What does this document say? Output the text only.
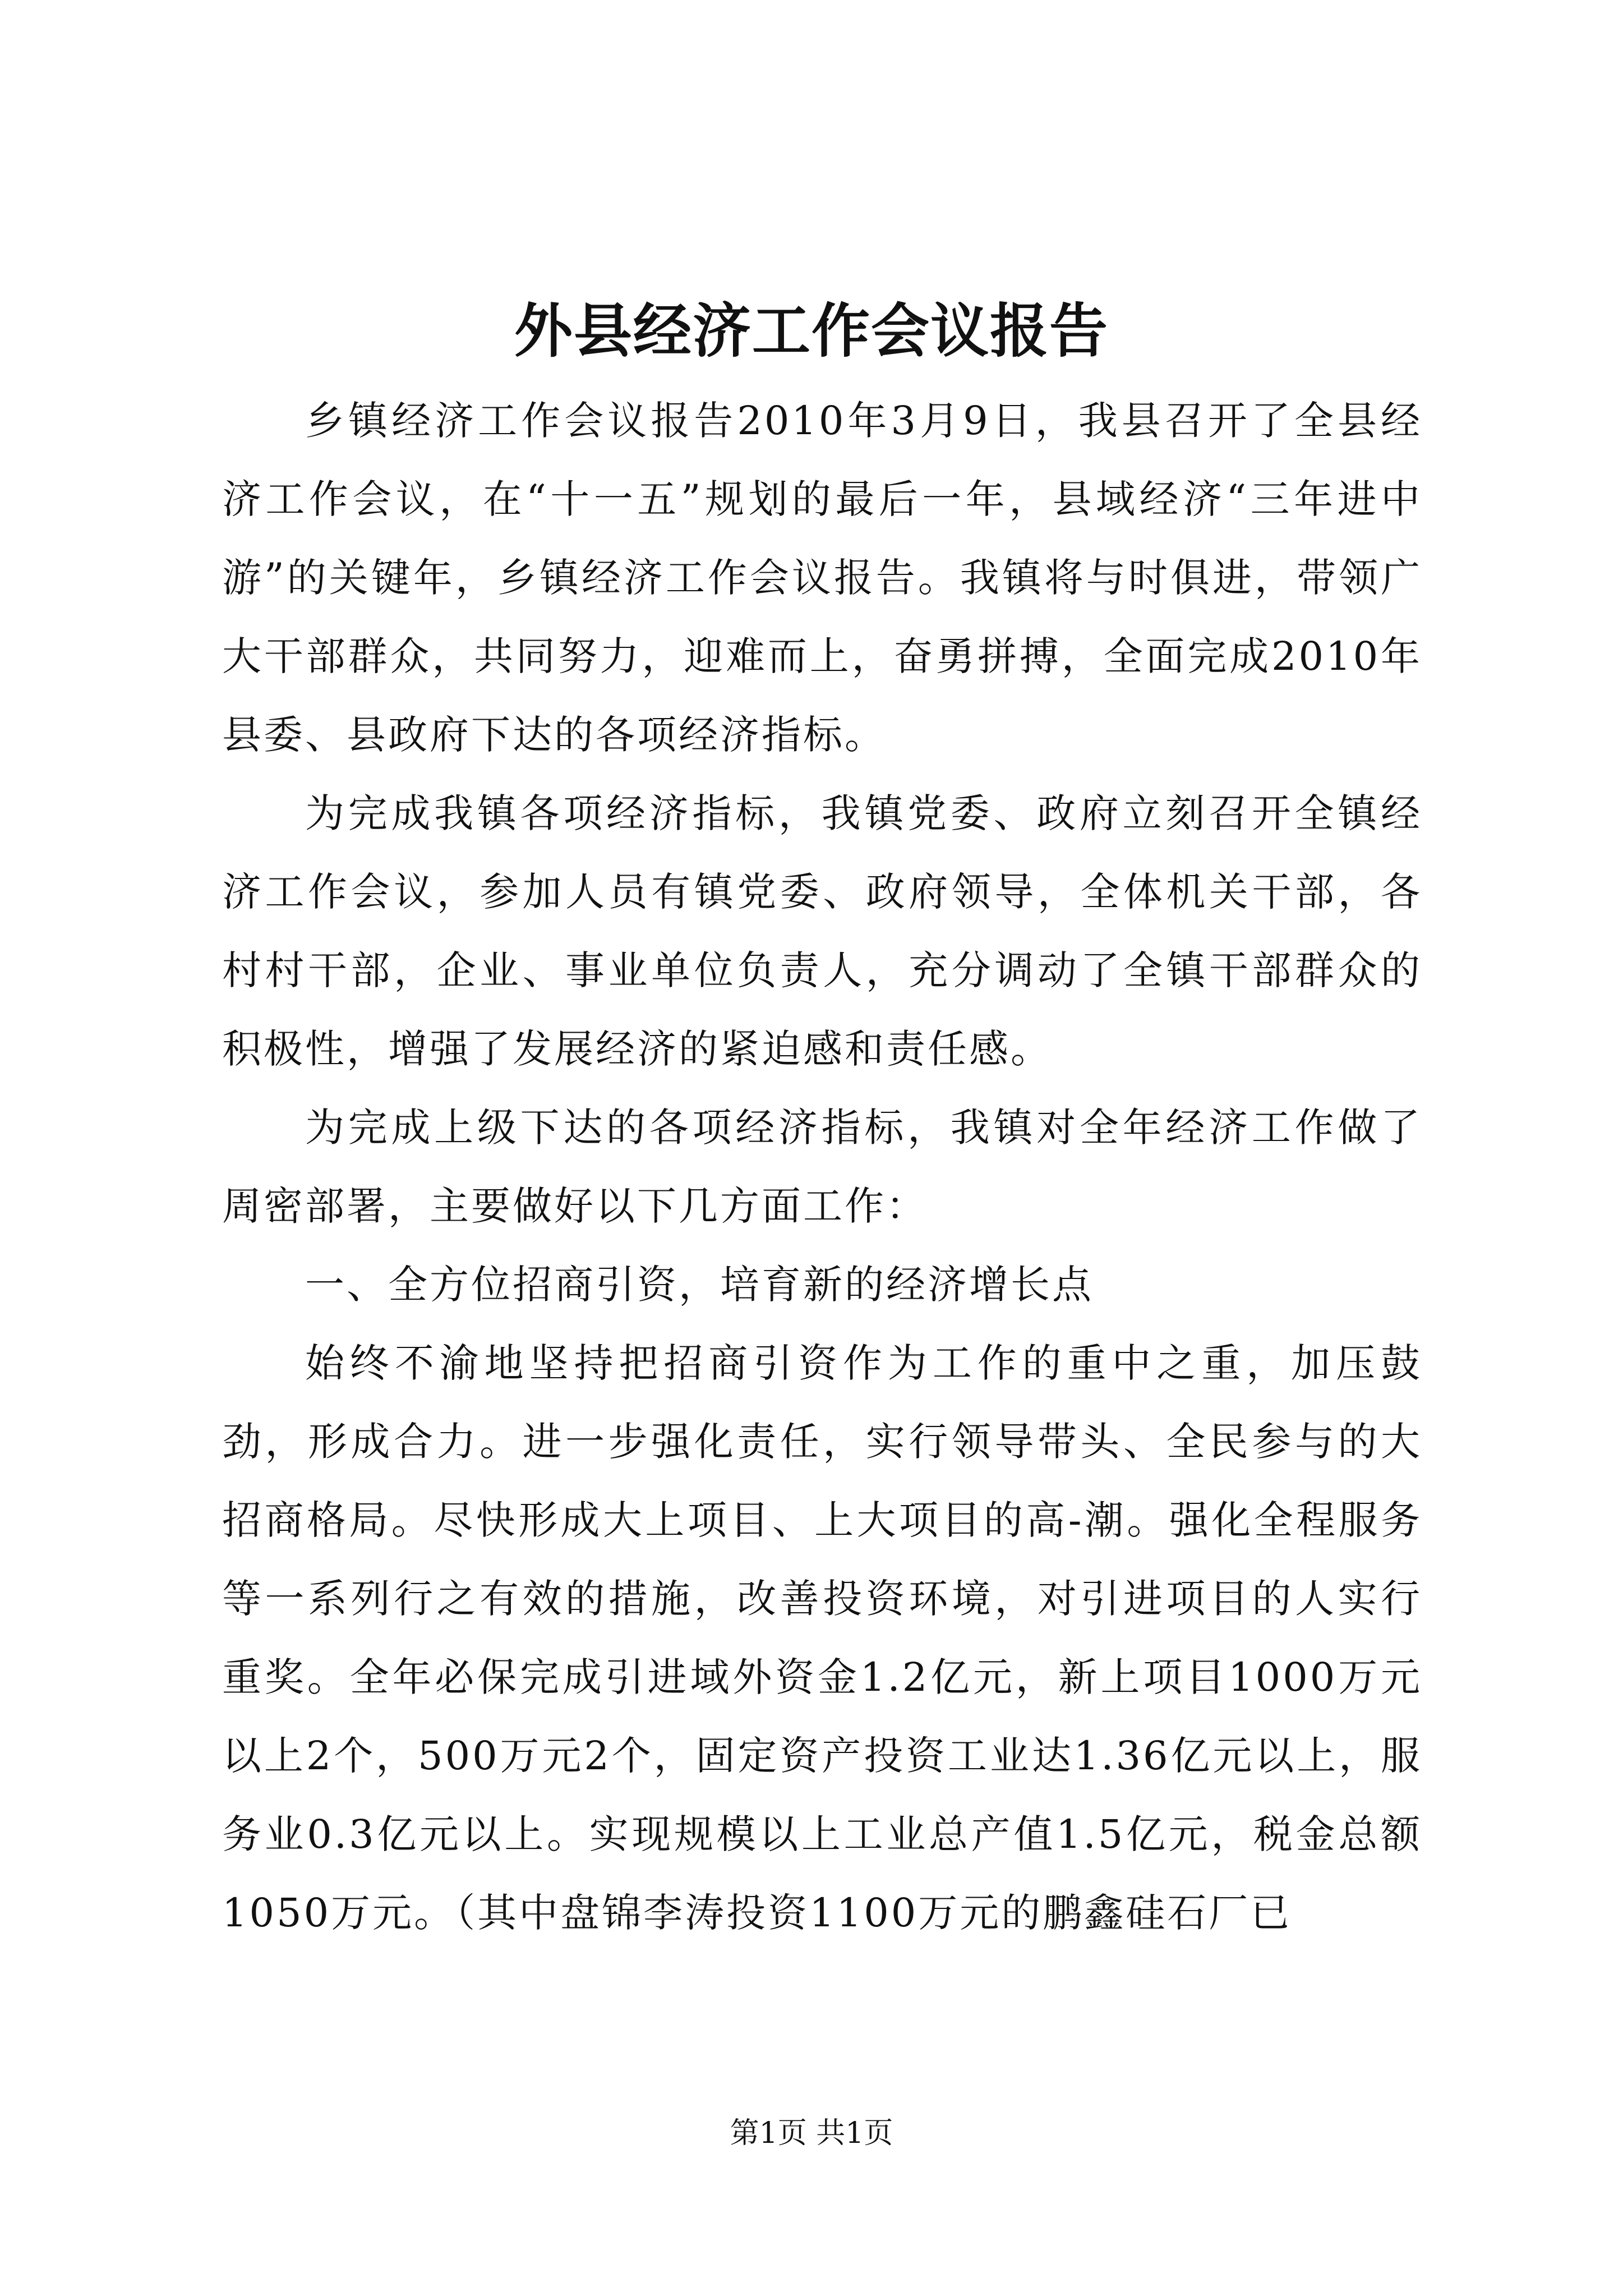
外县经济工作会议报告

乡镇经济工作会议报告2010年3月9日，我县召开了全县经济工作会议，在“十一五”规划的最后一年，县域经济“三年进中游”的关键年，乡镇经济工作会议报告。我镇将与时俱进，带领广大干部群众，共同努力，迎难而上，奋勇拼搏，全面完成2010年县委、县政府下达的各项经济指标。

为完成我镇各项经济指标，我镇党委、政府立刻召开全镇经济工作会议，参加人员有镇党委、政府领导，全体机关干部，各村村干部，企业、事业单位负责人，充分调动了全镇干部群众的积极性，增强了发展经济的紧迫感和责任感。

为完成上级下达的各项经济指标，我镇对全年经济工作做了周密部署，主要做好以下几方面工作：

一、全方位招商引资，培育新的经济增长点

始终不渝地坚持把招商引资作为工作的重中之重，加压鼓劲，形成合力。进一步强化责任，实行领导带头、全民参与的大招商格局。尽快形成大上项目、上大项目的高-潮。强化全程服务等一系列行之有效的措施，改善投资环境，对引进项目的人实行重奖。全年必保完成引进域外资金1.2亿元，新上项目1000万元以上2个，500万元2个，固定资产投资工业达1.36亿元以上，服务业0.3亿元以上。实现规模以上工业总产值1.5亿元，税金总额1050万元。（其中盘锦李涛投资1100万元的鹏鑫硅石厂已

第1页 共1页
